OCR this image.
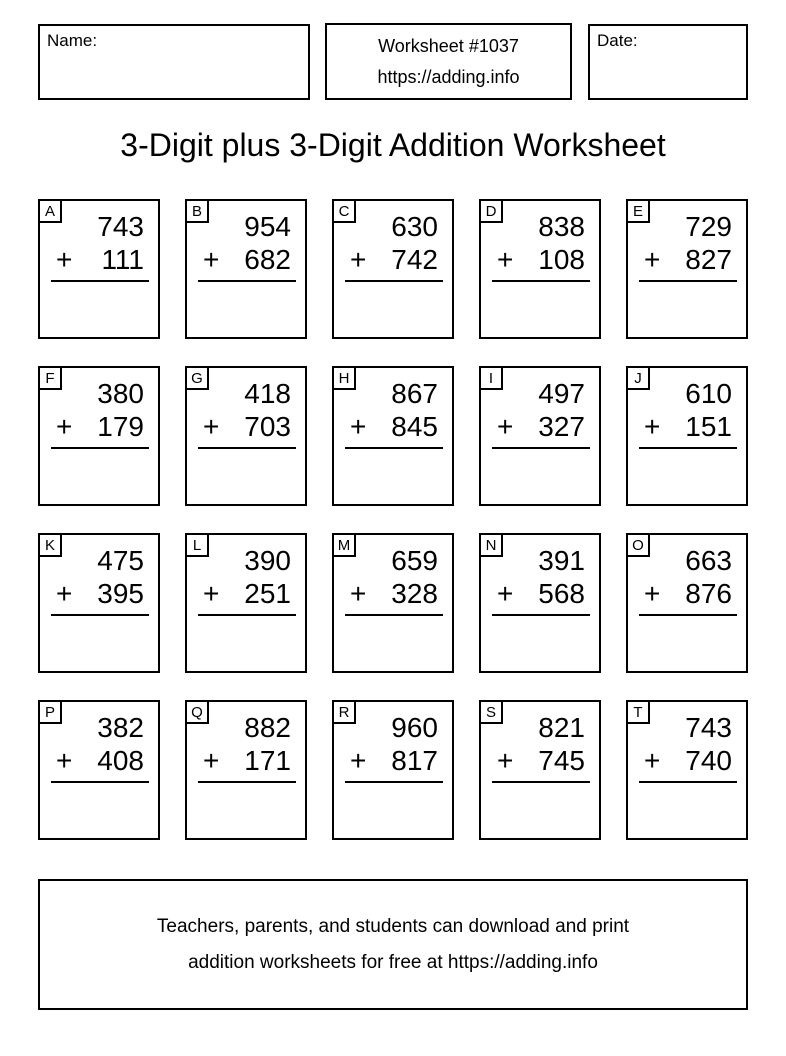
Name:	Worksheet #1037
https://adding.info
Date:
3-Digit plus 3-Digit Addition Worksheet
A	743
+ 111
B	954
+ 682
C	630
+ 742
D	838
+ 108
E	729
+ 827
F	380
+ 179
G	418
+ 703
H	867
+ 845
I	497
+ 327
J	610
+ 151
K	475
+ 395
L	390
+ 251
M	659
+ 328
N	391
+ 568
O	663
+ 876
P	382
+ 408
Q	882
+ 171
R	960
+ 817
S	821
+ 745
T	743
+ 740
Teachers, parents, and students can download and print
addition worksheets for free at https://adding.info
